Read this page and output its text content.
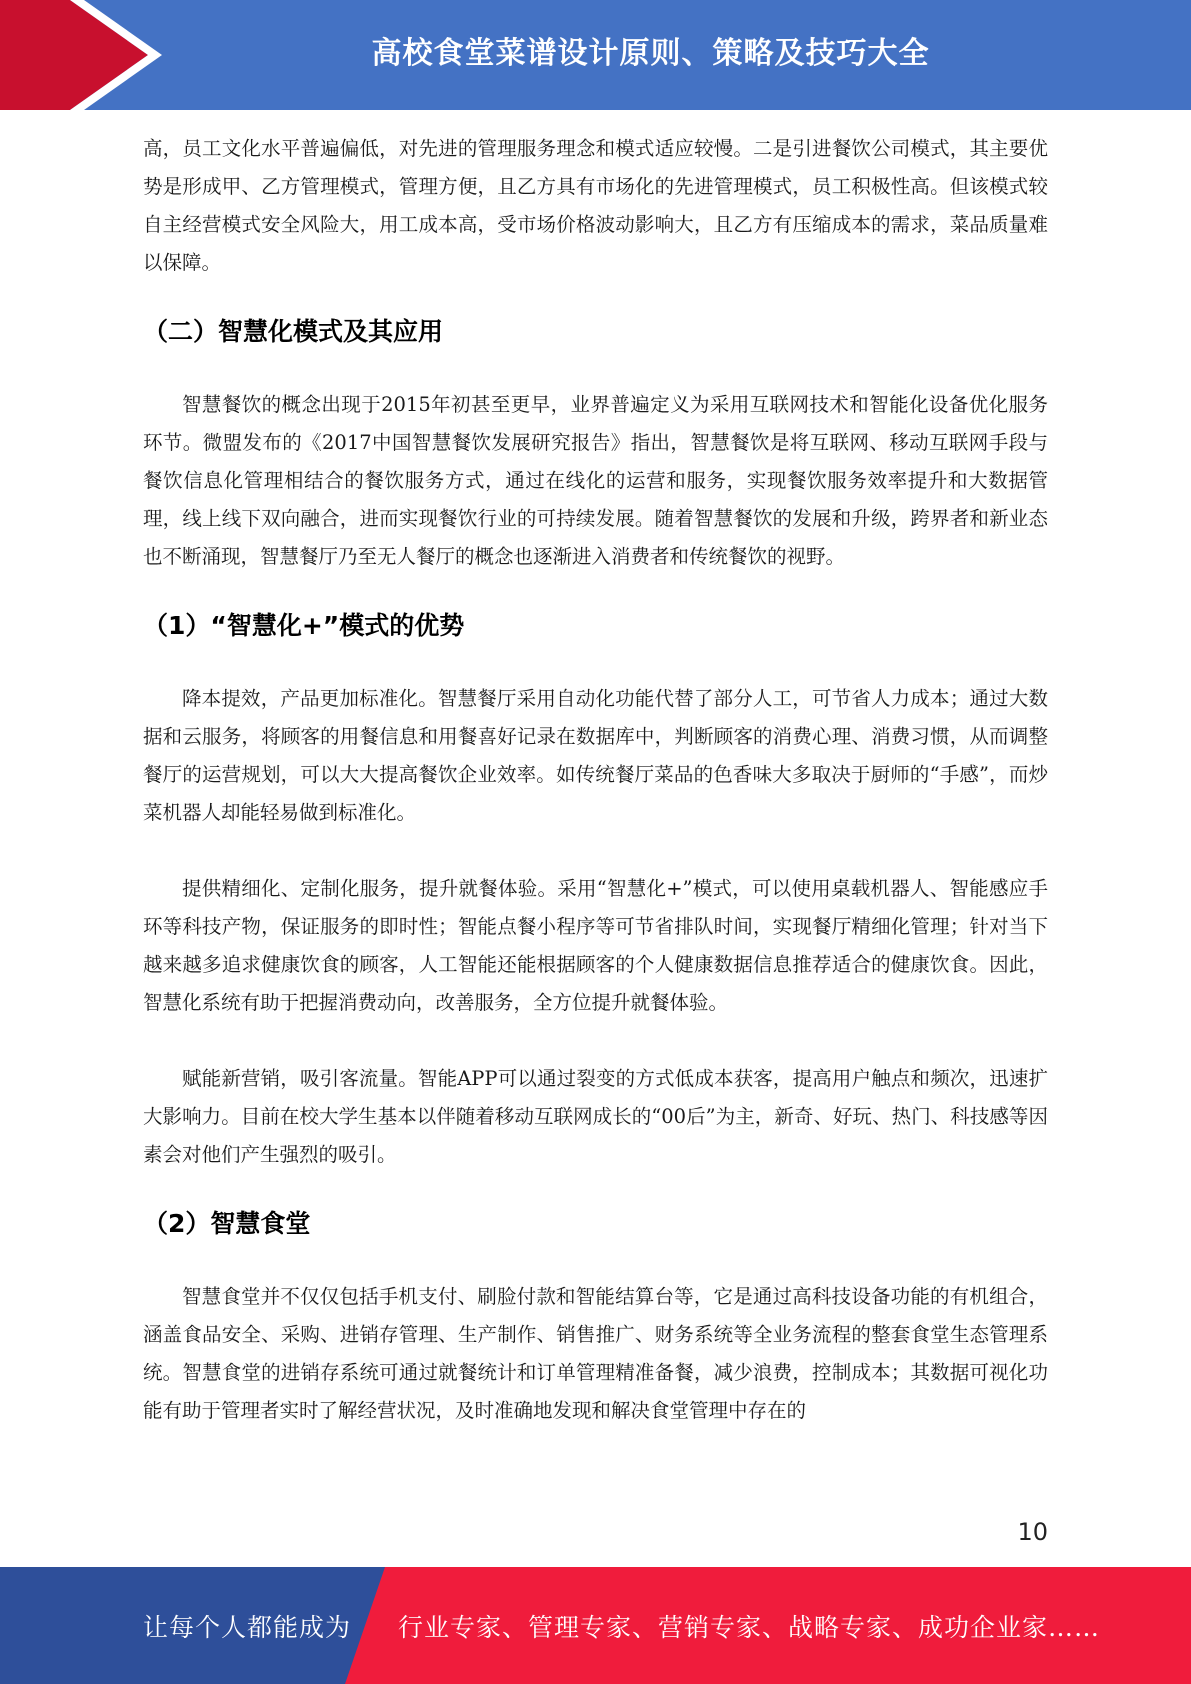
高校食堂菜谱设计原则、策略及技巧大全

高，员工文化水平普遍偏低，对先进的管理服务理念和模式适应较慢。二是引进餐饮公司模式，其主要优势是形成甲、乙方管理模式，管理方便，且乙方具有市场化的先进管理模式，员工积极性高。但该模式较自主经营模式安全风险大，用工成本高，受市场价格波动影响大，且乙方有压缩成本的需求，菜品质量难以保障。

（二）智慧化模式及其应用

智慧餐饮的概念出现于2015年初甚至更早，业界普遍定义为采用互联网技术和智能化设备优化服务环节。微盟发布的《2017中国智慧餐饮发展研究报告》指出，智慧餐饮是将互联网、移动互联网手段与餐饮信息化管理相结合的餐饮服务方式，通过在线化的运营和服务，实现餐饮服务效率提升和大数据管理，线上线下双向融合，进而实现餐饮行业的可持续发展。随着智慧餐饮的发展和升级，跨界者和新业态也不断涌现，智慧餐厅乃至无人餐厅的概念也逐渐进入消费者和传统餐饮的视野。

（1）“智慧化+”模式的优势

降本提效，产品更加标准化。智慧餐厅采用自动化功能代替了部分人工，可节省人力成本；通过大数据和云服务，将顾客的用餐信息和用餐喜好记录在数据库中，判断顾客的消费心理、消费习惯，从而调整餐厅的运营规划，可以大大提高餐饮企业效率。如传统餐厅菜品的色香味大多取决于厨师的“手感”，而炒菜机器人却能轻易做到标准化。

提供精细化、定制化服务，提升就餐体验。采用“智慧化+”模式，可以使用桌载机器人、智能感应手环等科技产物，保证服务的即时性；智能点餐小程序等可节省排队时间，实现餐厅精细化管理；针对当下越来越多追求健康饮食的顾客，人工智能还能根据顾客的个人健康数据信息推荐适合的健康饮食。因此，智慧化系统有助于把握消费动向，改善服务，全方位提升就餐体验。

赋能新营销，吸引客流量。智能APP可以通过裂变的方式低成本获客，提高用户触点和频次，迅速扩大影响力。目前在校大学生基本以伴随着移动互联网成长的“00后”为主，新奇、好玩、热门、科技感等因素会对他们产生强烈的吸引。

（2）智慧食堂

智慧食堂并不仅仅包括手机支付、刷脸付款和智能结算台等，它是通过高科技设备功能的有机组合，涵盖食品安全、采购、进销存管理、生产制作、销售推广、财务系统等全业务流程的整套食堂生态管理系统。智慧食堂的进销存系统可通过就餐统计和订单管理精准备餐，减少浪费，控制成本；其数据可视化功能有助于管理者实时了解经营状况，及时准确地发现和解决食堂管理中存在的

10
让每个人都能成为 行业专家、管理专家、营销专家、战略专家、成功企业家……
